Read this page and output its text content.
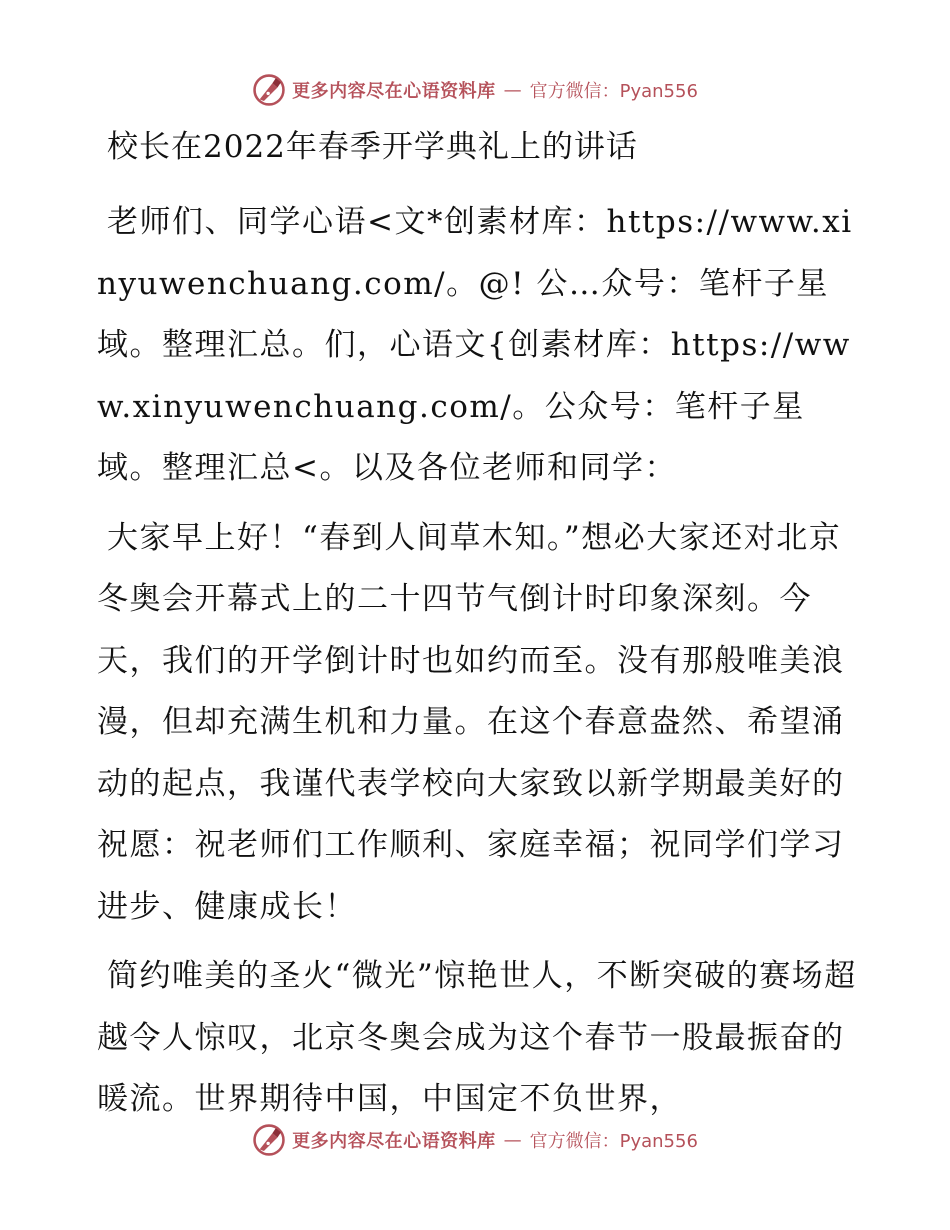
更多内容尽在心语资料库 — 官方微信：Pyan556
校长在2022年春季开学典礼上的讲话

老师们、同学心语<文*创素材库：https://www.xinyuwenchuang.com/。@! 公…众号：笔杆子星域。整理汇总。们，心语文{创素材库：https://www.xinyuwenchuang.com/。公众号：笔杆子星域。整理汇总<。以及各位老师和同学：

大家早上好！“春到人间草木知。”想必大家还对北京冬奥会开幕式上的二十四节气倒计时印象深刻。今天，我们的开学倒计时也如约而至。没有那般唯美浪漫，但却充满生机和力量。在这个春意盎然、希望涌动的起点，我谨代表学校向大家致以新学期最美好的祝愿：祝老师们工作顺利、家庭幸福；祝同学们学习进步、健康成长！

简约唯美的圣火“微光”惊艳世人，不断突破的赛场超越令人惊叹，北京冬奥会成为这个春节一股最振奋的暖流。世界期待中国，中国定不负世界，

更多内容尽在心语资料库 — 官方微信：Pyan556
